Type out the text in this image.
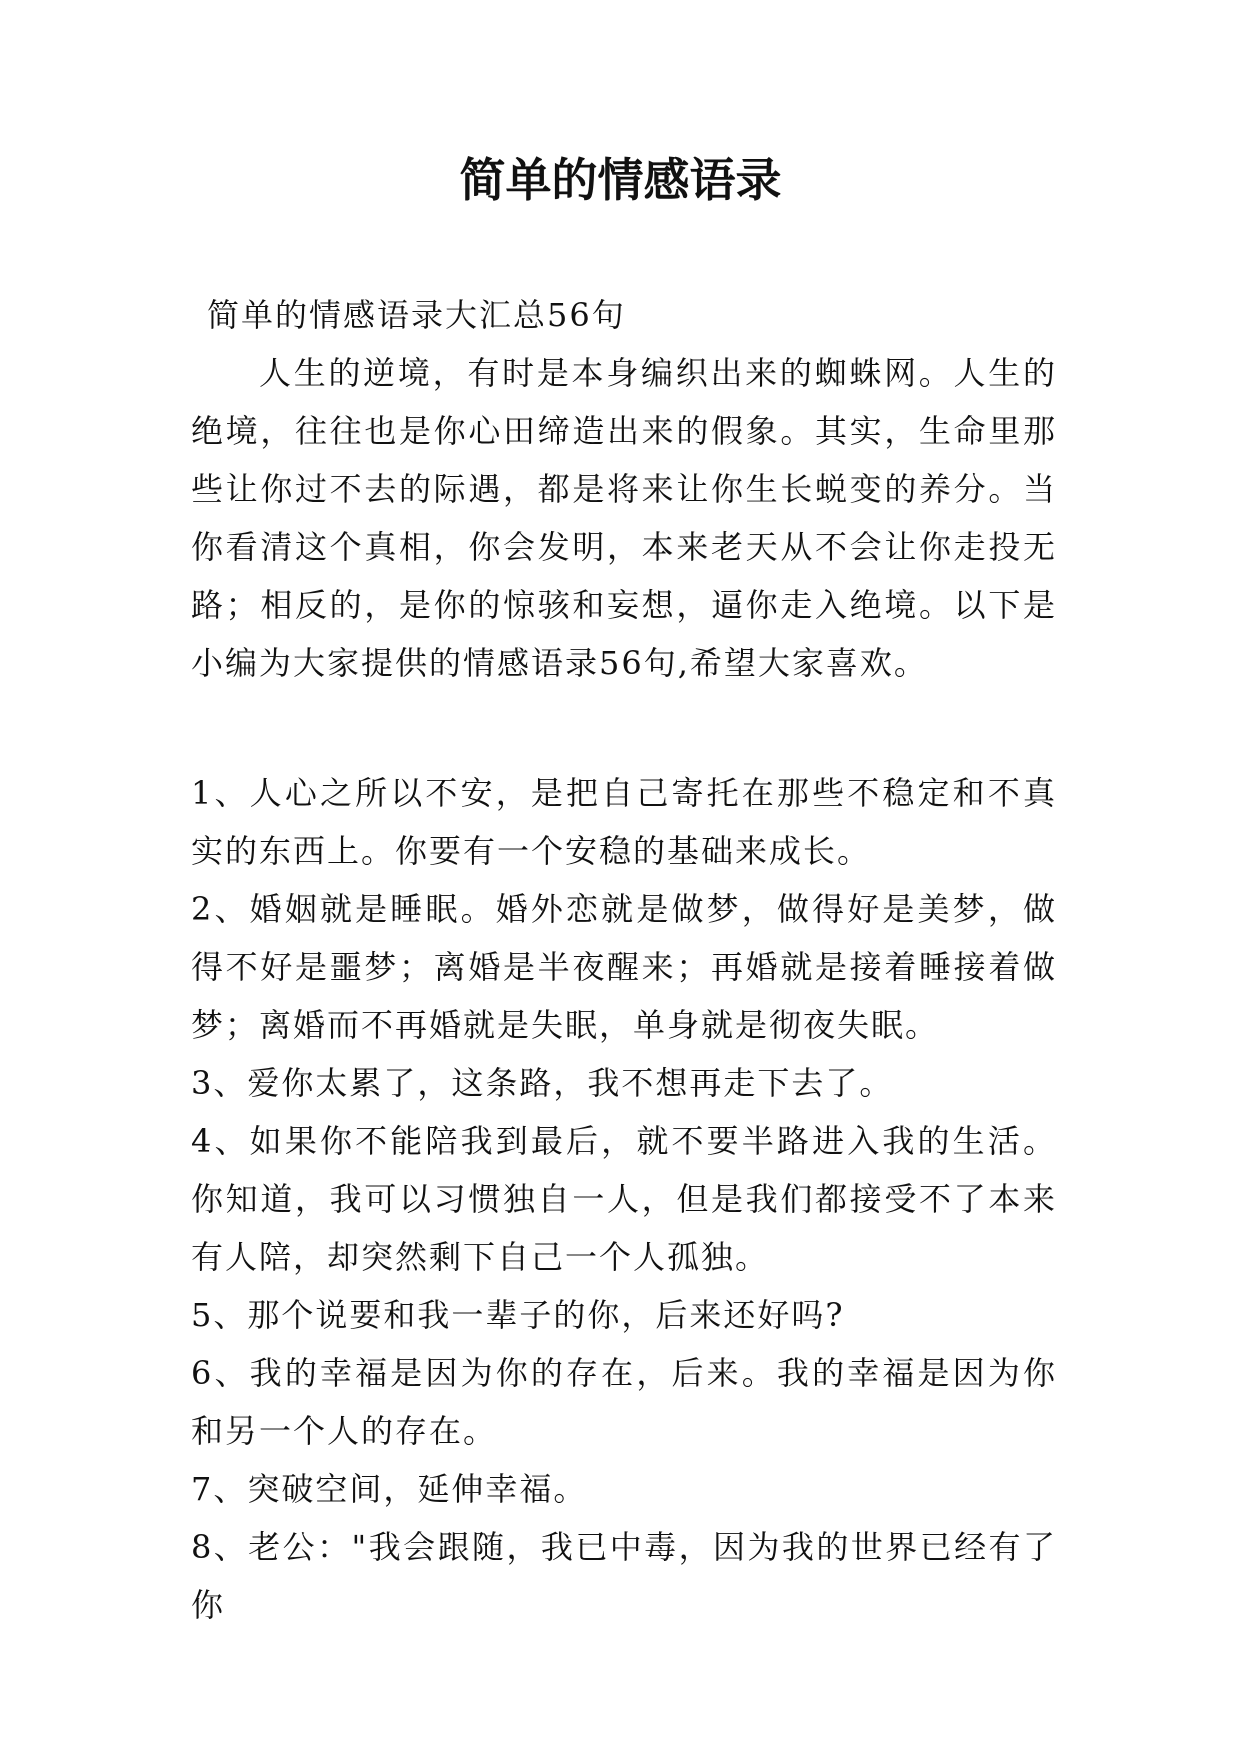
简单的情感语录

简单的情感语录大汇总56句

人生的逆境，有时是本身编织出来的蜘蛛网。人生的绝境，往往也是你心田缔造出来的假象。其实，生命里那些让你过不去的际遇，都是将来让你生长蜕变的养分。当你看清这个真相，你会发明，本来老天从不会让你走投无路；相反的，是你的惊骇和妄想，逼你走入绝境。以下是小编为大家提供的情感语录56句,希望大家喜欢。

1、人心之所以不安，是把自己寄托在那些不稳定和不真实的东西上。你要有一个安稳的基础来成长。

2、婚姻就是睡眠。婚外恋就是做梦，做得好是美梦，做得不好是噩梦；离婚是半夜醒来；再婚就是接着睡接着做梦；离婚而不再婚就是失眠，单身就是彻夜失眠。

3、爱你太累了，这条路，我不想再走下去了。

4、如果你不能陪我到最后，就不要半路进入我的生活。你知道，我可以习惯独自一人，但是我们都接受不了本来有人陪，却突然剩下自己一个人孤独。

5、那个说要和我一辈子的你，后来还好吗?

6、我的幸福是因为你的存在，后来。我的幸福是因为你和另一个人的存在。

7、突破空间，延伸幸福。

8、老公："我会跟随，我已中毒，因为我的世界已经有了你
